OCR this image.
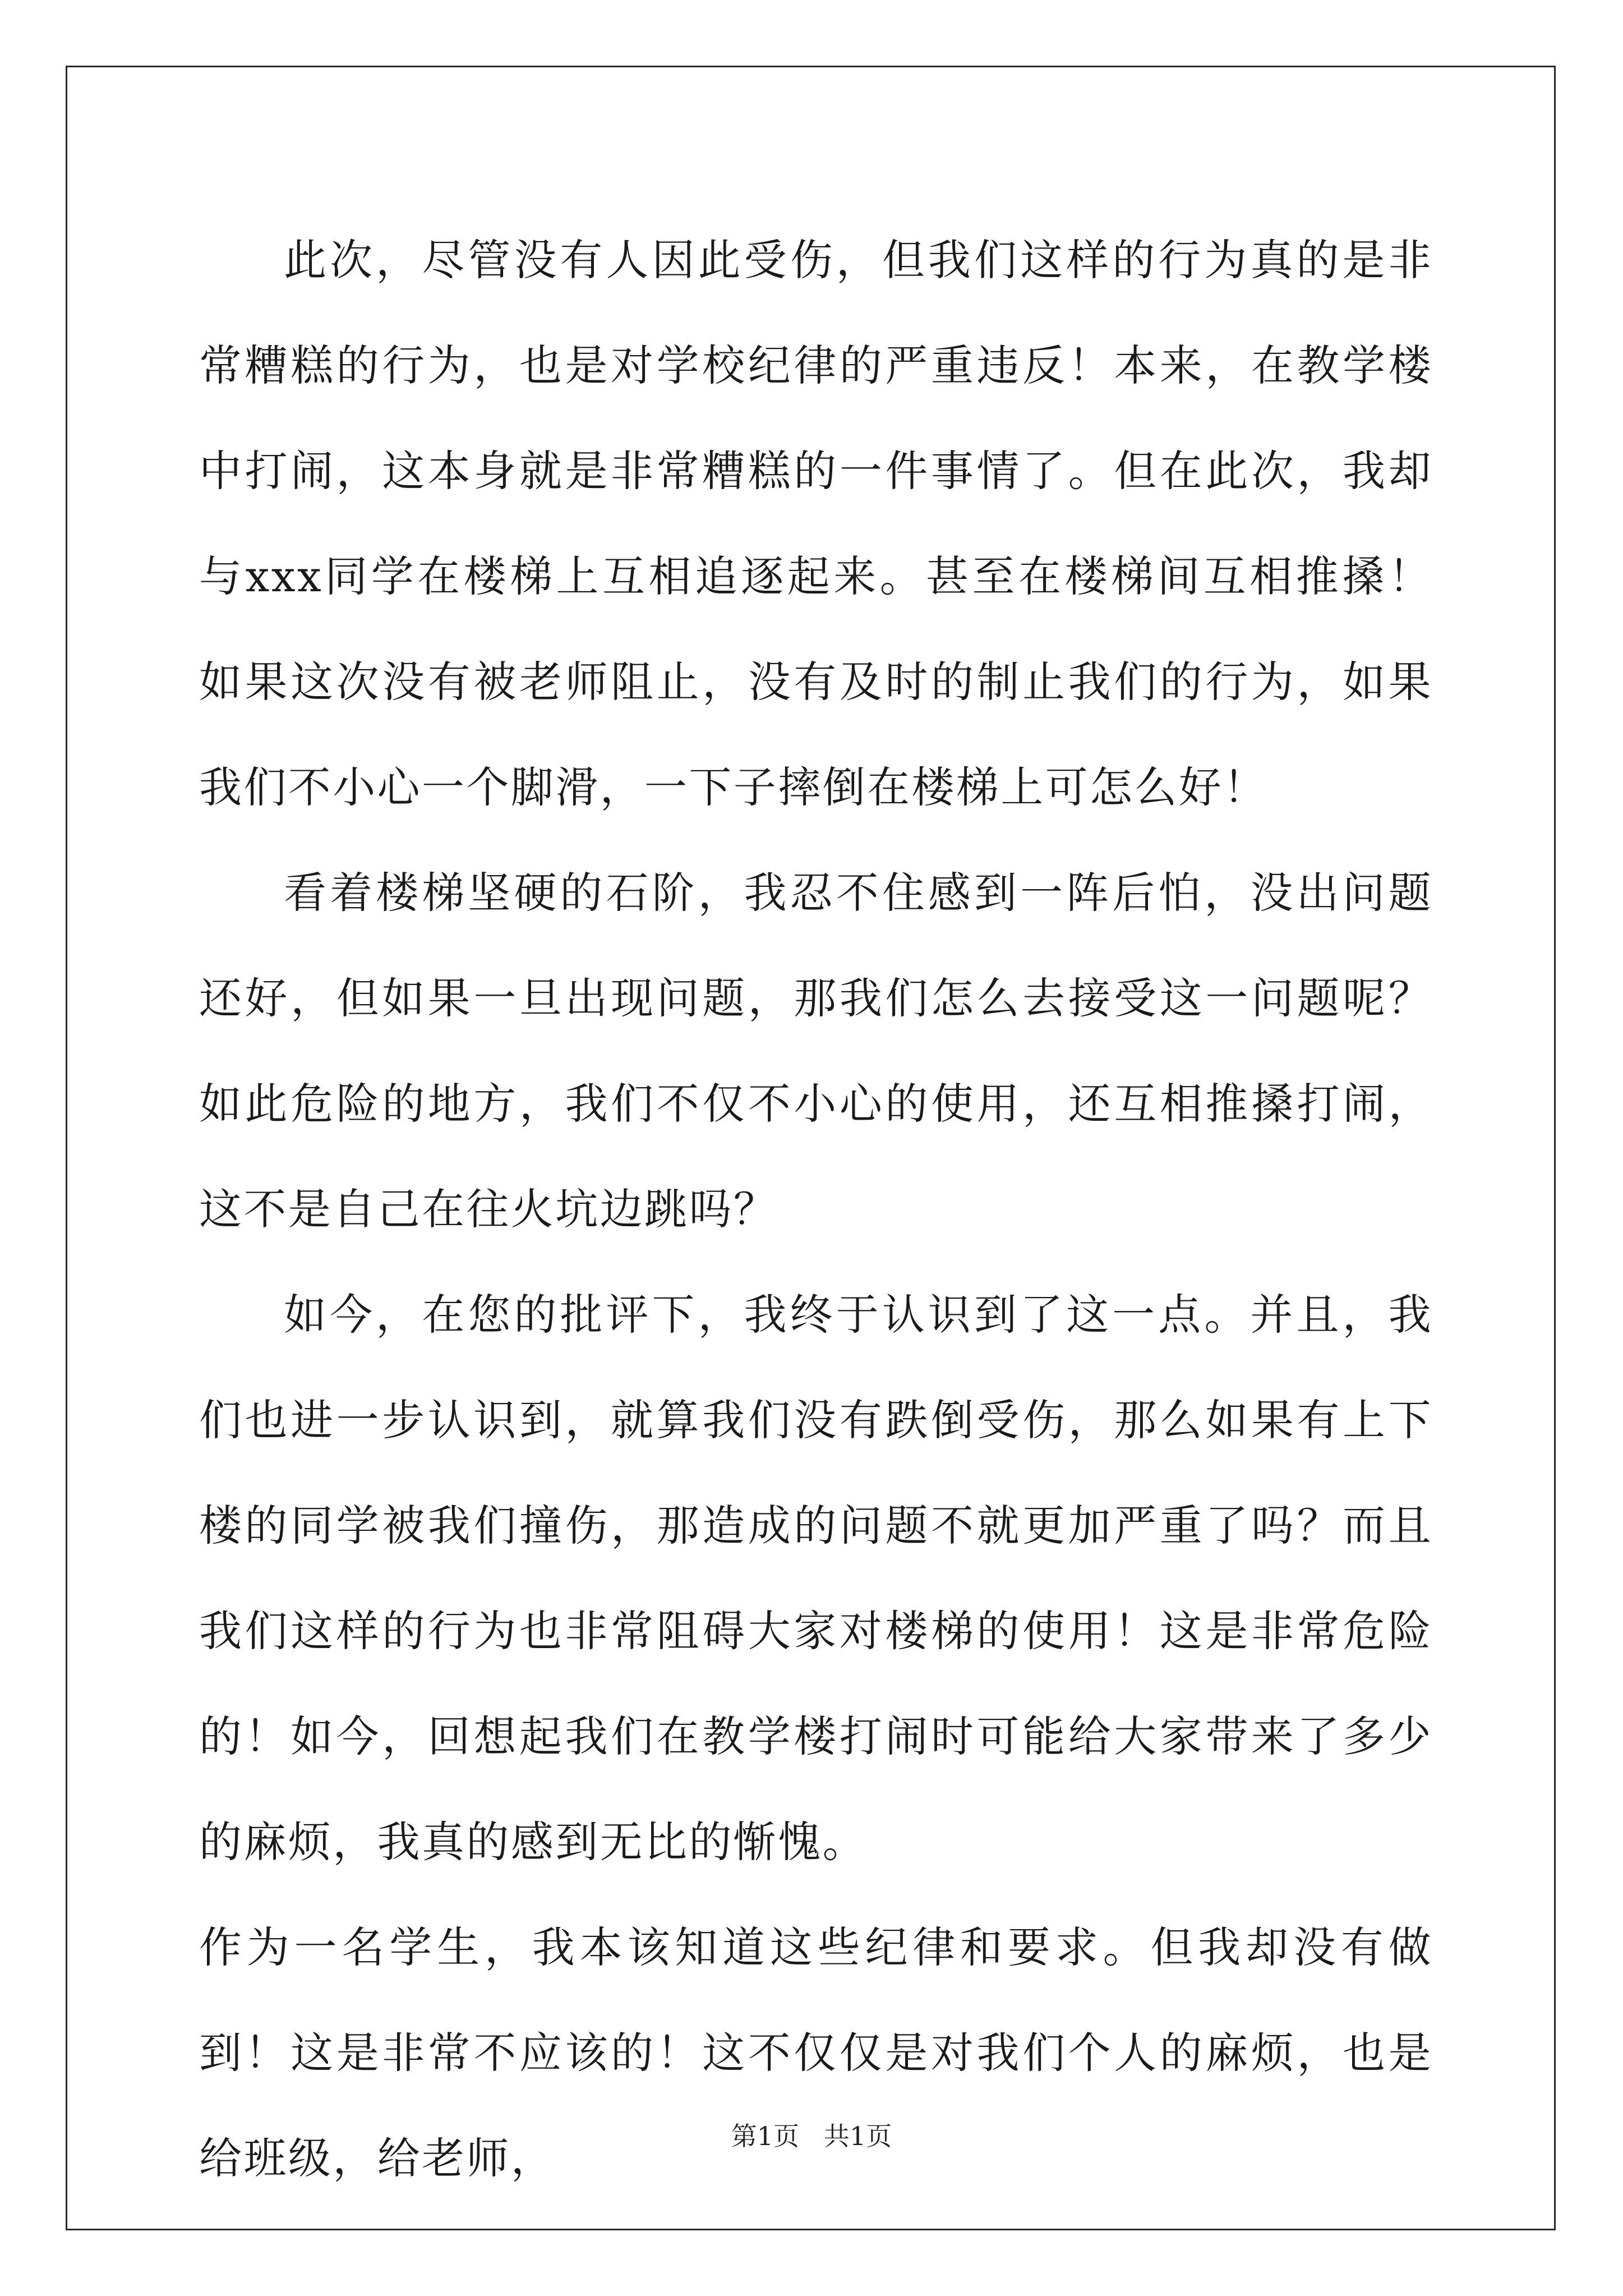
此次，尽管没有人因此受伤，但我们这样的行为真的是非常糟糕的行为，也是对学校纪律的严重违反！本来，在教学楼中打闹，这本身就是非常糟糕的一件事情了。但在此次，我却与xxx同学在楼梯上互相追逐起来。甚至在楼梯间互相推搡！如果这次没有被老师阻止，没有及时的制止我们的行为，如果我们不小心一个脚滑，一下子摔倒在楼梯上可怎么好！

看着楼梯坚硬的石阶，我忍不住感到一阵后怕，没出问题还好，但如果一旦出现问题，那我们怎么去接受这一问题呢？如此危险的地方，我们不仅不小心的使用，还互相推搡打闹，这不是自己在往火坑边跳吗？

如今，在您的批评下，我终于认识到了这一点。并且，我们也进一步认识到，就算我们没有跌倒受伤，那么如果有上下楼的同学被我们撞伤，那造成的问题不就更加严重了吗？而且我们这样的行为也非常阻碍大家对楼梯的使用！这是非常危险的！如今，回想起我们在教学楼打闹时可能给大家带来了多少的麻烦，我真的感到无比的惭愧。

作为一名学生，我本该知道这些纪律和要求。但我却没有做到！这是非常不应该的！这不仅仅是对我们个人的麻烦，也是给班级，给老师，	第1页   共1页
